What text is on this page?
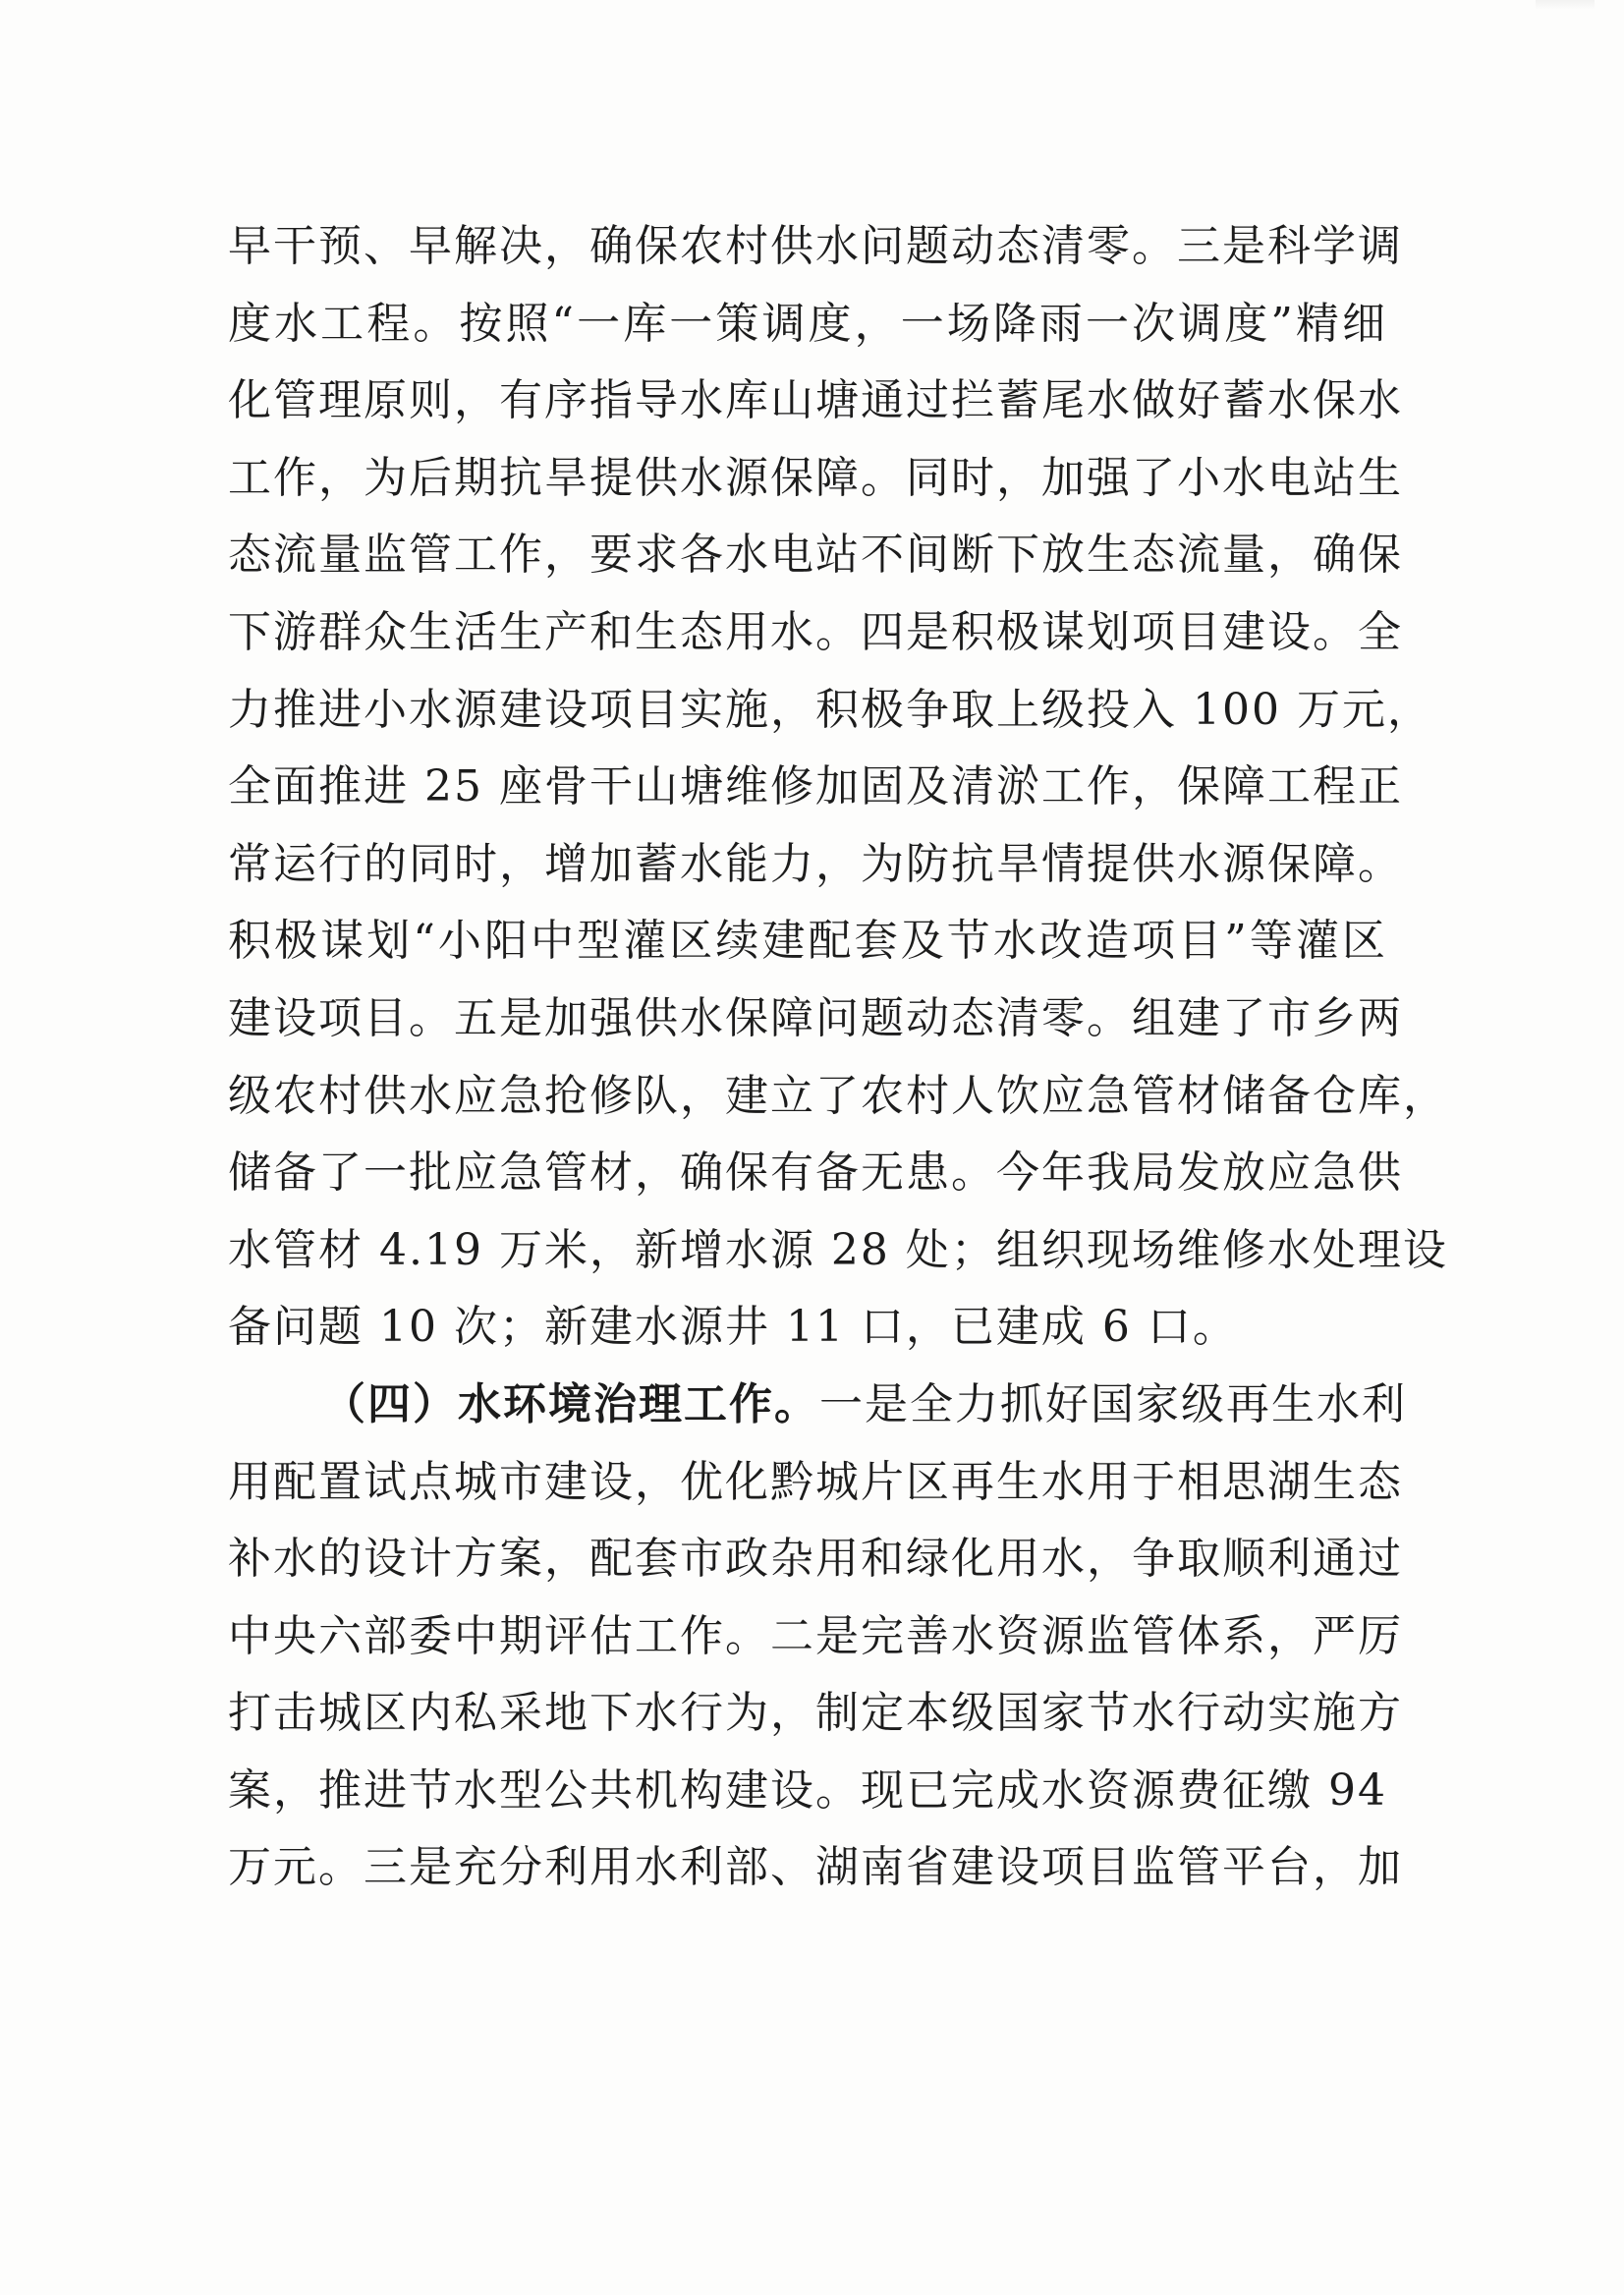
早干预、早解决，确保农村供水问题动态清零。三是科学调
度水工程。按照“一库一策调度，一场降雨一次调度”精细
化管理原则，有序指导水库山塘通过拦蓄尾水做好蓄水保水
工作，为后期抗旱提供水源保障。同时，加强了小水电站生
态流量监管工作，要求各水电站不间断下放生态流量，确保
下游群众生活生产和生态用水。四是积极谋划项目建设。全
力推进小水源建设项目实施，积极争取上级投入 100 万元，
全面推进 25 座骨干山塘维修加固及清淤工作，保障工程正
常运行的同时，增加蓄水能力，为防抗旱情提供水源保障。
积极谋划“小阳中型灌区续建配套及节水改造项目”等灌区
建设项目。五是加强供水保障问题动态清零。组建了市乡两
级农村供水应急抢修队，建立了农村人饮应急管材储备仓库，
储备了一批应急管材，确保有备无患。今年我局发放应急供
水管材 4.19 万米，新增水源 28 处；组织现场维修水处理设
备问题 10 次；新建水源井 11 口，已建成 6 口。
（四）水环境治理工作。一是全力抓好国家级再生水利
用配置试点城市建设，优化黔城片区再生水用于相思湖生态
补水的设计方案，配套市政杂用和绿化用水，争取顺利通过
中央六部委中期评估工作。二是完善水资源监管体系，严厉
打击城区内私采地下水行为，制定本级国家节水行动实施方
案，推进节水型公共机构建设。现已完成水资源费征缴 94
万元。三是充分利用水利部、湖南省建设项目监管平台，加
